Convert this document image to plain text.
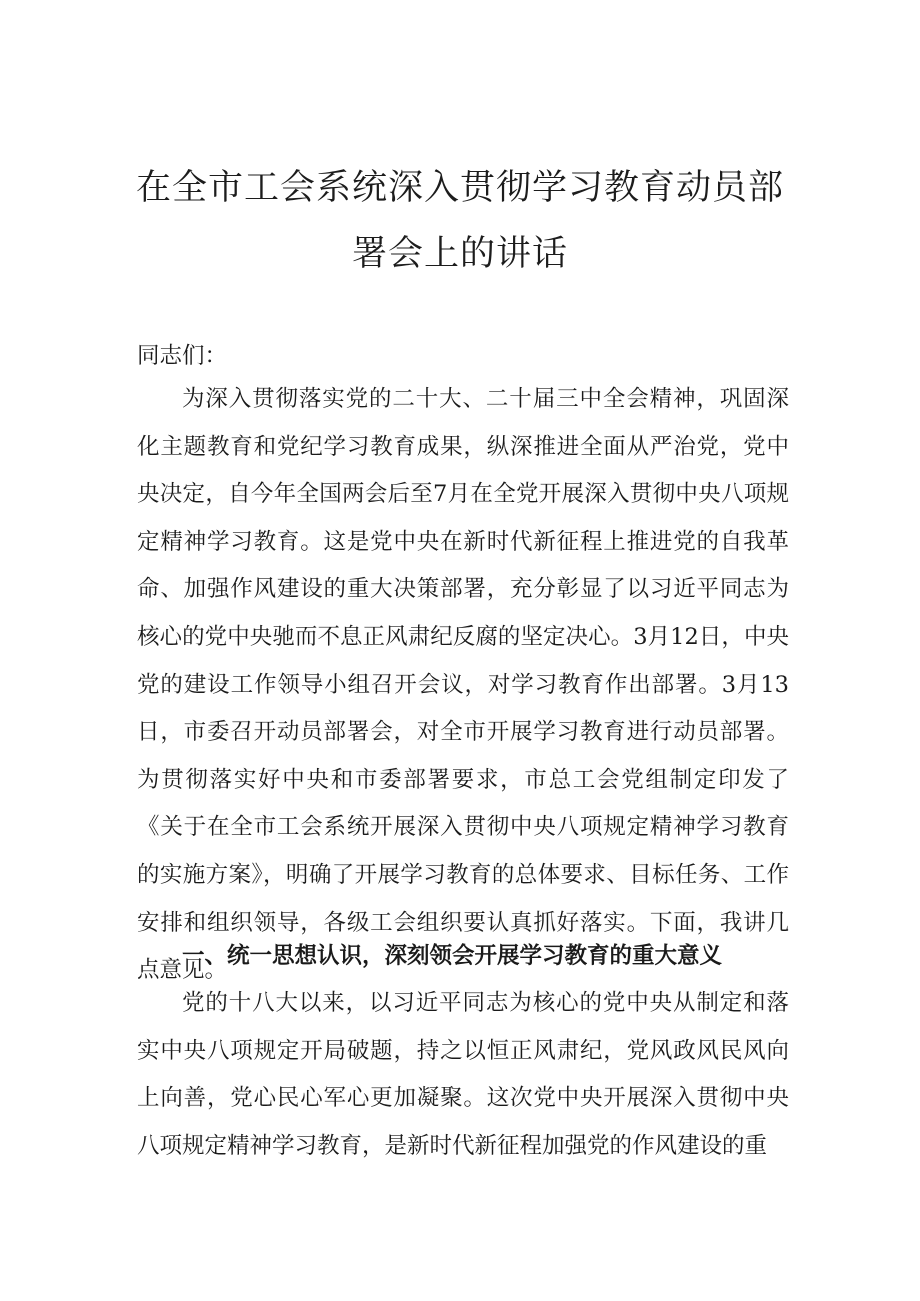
在全市工会系统深入贯彻学习教育动员部
署会上的讲话

同志们：

为深入贯彻落实党的二十大、二十届三中全会精神，巩固深化主题教育和党纪学习教育成果，纵深推进全面从严治党，党中央决定，自今年全国两会后至7月在全党开展深入贯彻中央八项规定精神学习教育。这是党中央在新时代新征程上推进党的自我革命、加强作风建设的重大决策部署，充分彰显了以习近平同志为核心的党中央驰而不息正风肃纪反腐的坚定决心。3月12日，中央党的建设工作领导小组召开会议，对学习教育作出部署。3月13日，市委召开动员部署会，对全市开展学习教育进行动员部署。为贯彻落实好中央和市委部署要求，市总工会党组制定印发了《关于在全市工会系统开展深入贯彻中央八项规定精神学习教育的实施方案》，明确了开展学习教育的总体要求、目标任务、工作安排和组织领导，各级工会组织要认真抓好落实。下面，我讲几点意见。

一、统一思想认识，深刻领会开展学习教育的重大意义

党的十八大以来，以习近平同志为核心的党中央从制定和落实中央八项规定开局破题，持之以恒正风肃纪，党风政风民风向上向善，党心民心军心更加凝聚。这次党中央开展深入贯彻中央八项规定精神学习教育，是新时代新征程加强党的作风建设的重
